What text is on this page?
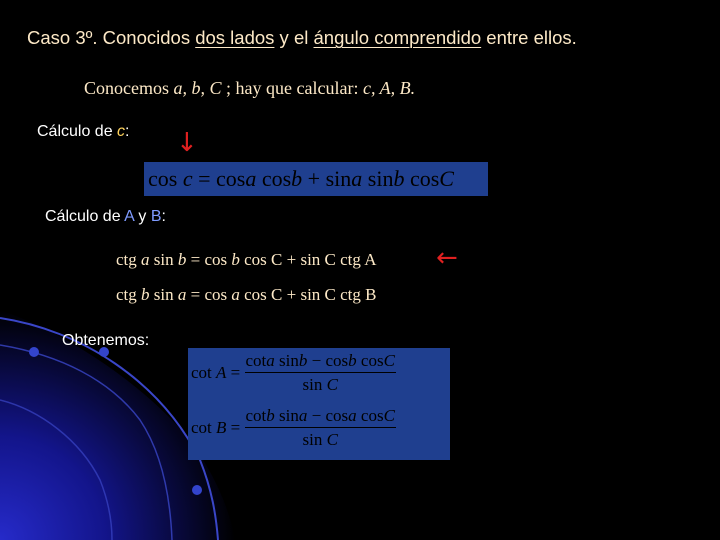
Caso 3º. Conocidos dos lados y el ángulo comprendido entre ellos.
Conocemos a, b, C ; hay que calcular: c, A, B.
Cálculo de c: ↓
cos c = cosa cosb + sina sinb cosC
Cálculo de A y B:
ctg a sin b = cos b cos C + sin C ctg A ←
ctg b sin a = cos a cos C + sin C ctg B
Obtenemos:
$\cot A = \frac{\text{cota sinb − cosb cosC}}{\text{sin C}}$
$\cot B = \frac{\text{cotb sina − cosa cosC}}{\text{sin C}}$
